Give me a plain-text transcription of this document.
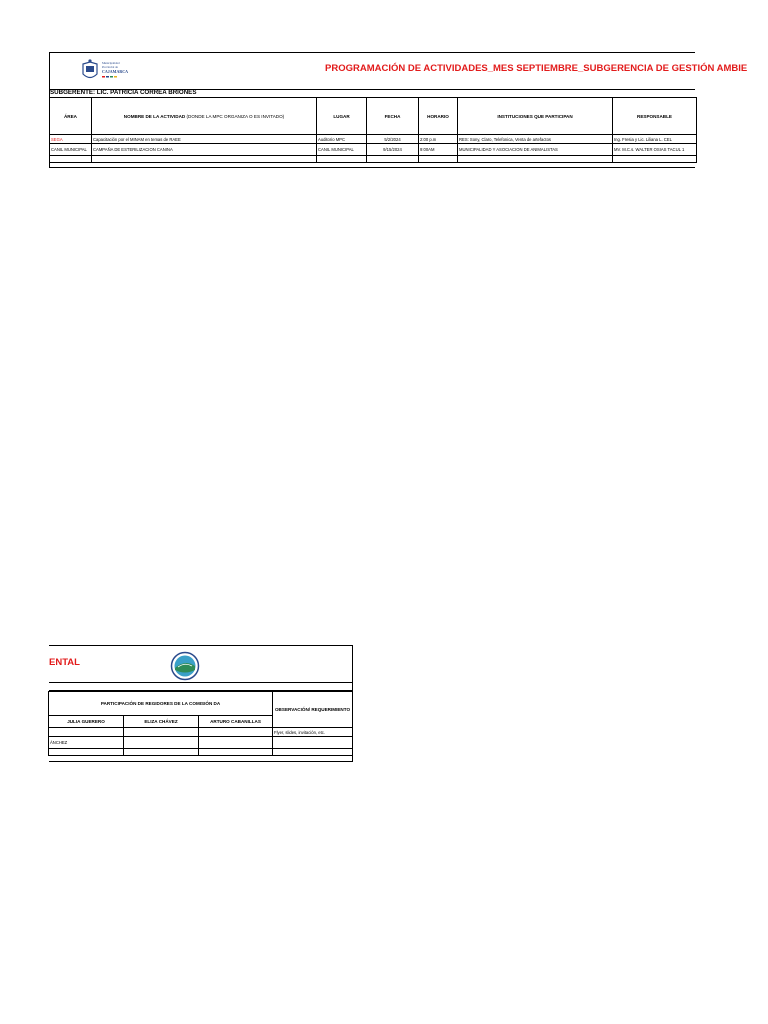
Municipalidad
Provincial de
CAJAMARCA	PROGRAMACIÓN DE ACTIVIDADES_MES SEPTIEMBRE_SUBGERENCIA DE GESTIÓN AMBIE
SUBGERENTE: LIC. PATRICIA CORREA BRIONES
ÁREA	NOMBRE DE LA ACTIVIDAD (DONDE LA MPC ORGANIZA O ES INVITADO)	LUGAR	FECHA	HORARIO	INSTITUCIONES QUE PARTICIPAN	RESPONSABLE
SEGA	Capacitación por el MINAM en temas de RAEE	Auditorio MPC	5/2/2024	2:00 p.m	RES: Sony, Claro, Telefonica, Venta de artefactos	Ing. Fresia y Lic. Liliana L. CEL
CANIL MUNICIPAL	CAMPAÑA DE ESTERILIZACION CANINA	CANIL MUNICIPAL	9/15/2024	9:00AM	MUNICIPALIDAD Y ASOCIACION DE ANIMALISTAS	MV. M.C.s. WALTER OSIAS TACUL 1

ENTAL
PARTICIPACIÓN DE REGIDORES DE LA COMISIÓN DA			OBSERVACIÓN/ REQUERIMIENTO
JULIA GUERERO	ELIZA CHÁVEZ	ARTURO CABANILLAS	
			Flyer, slides, invitación, etc.
ÁNCHEZ			
